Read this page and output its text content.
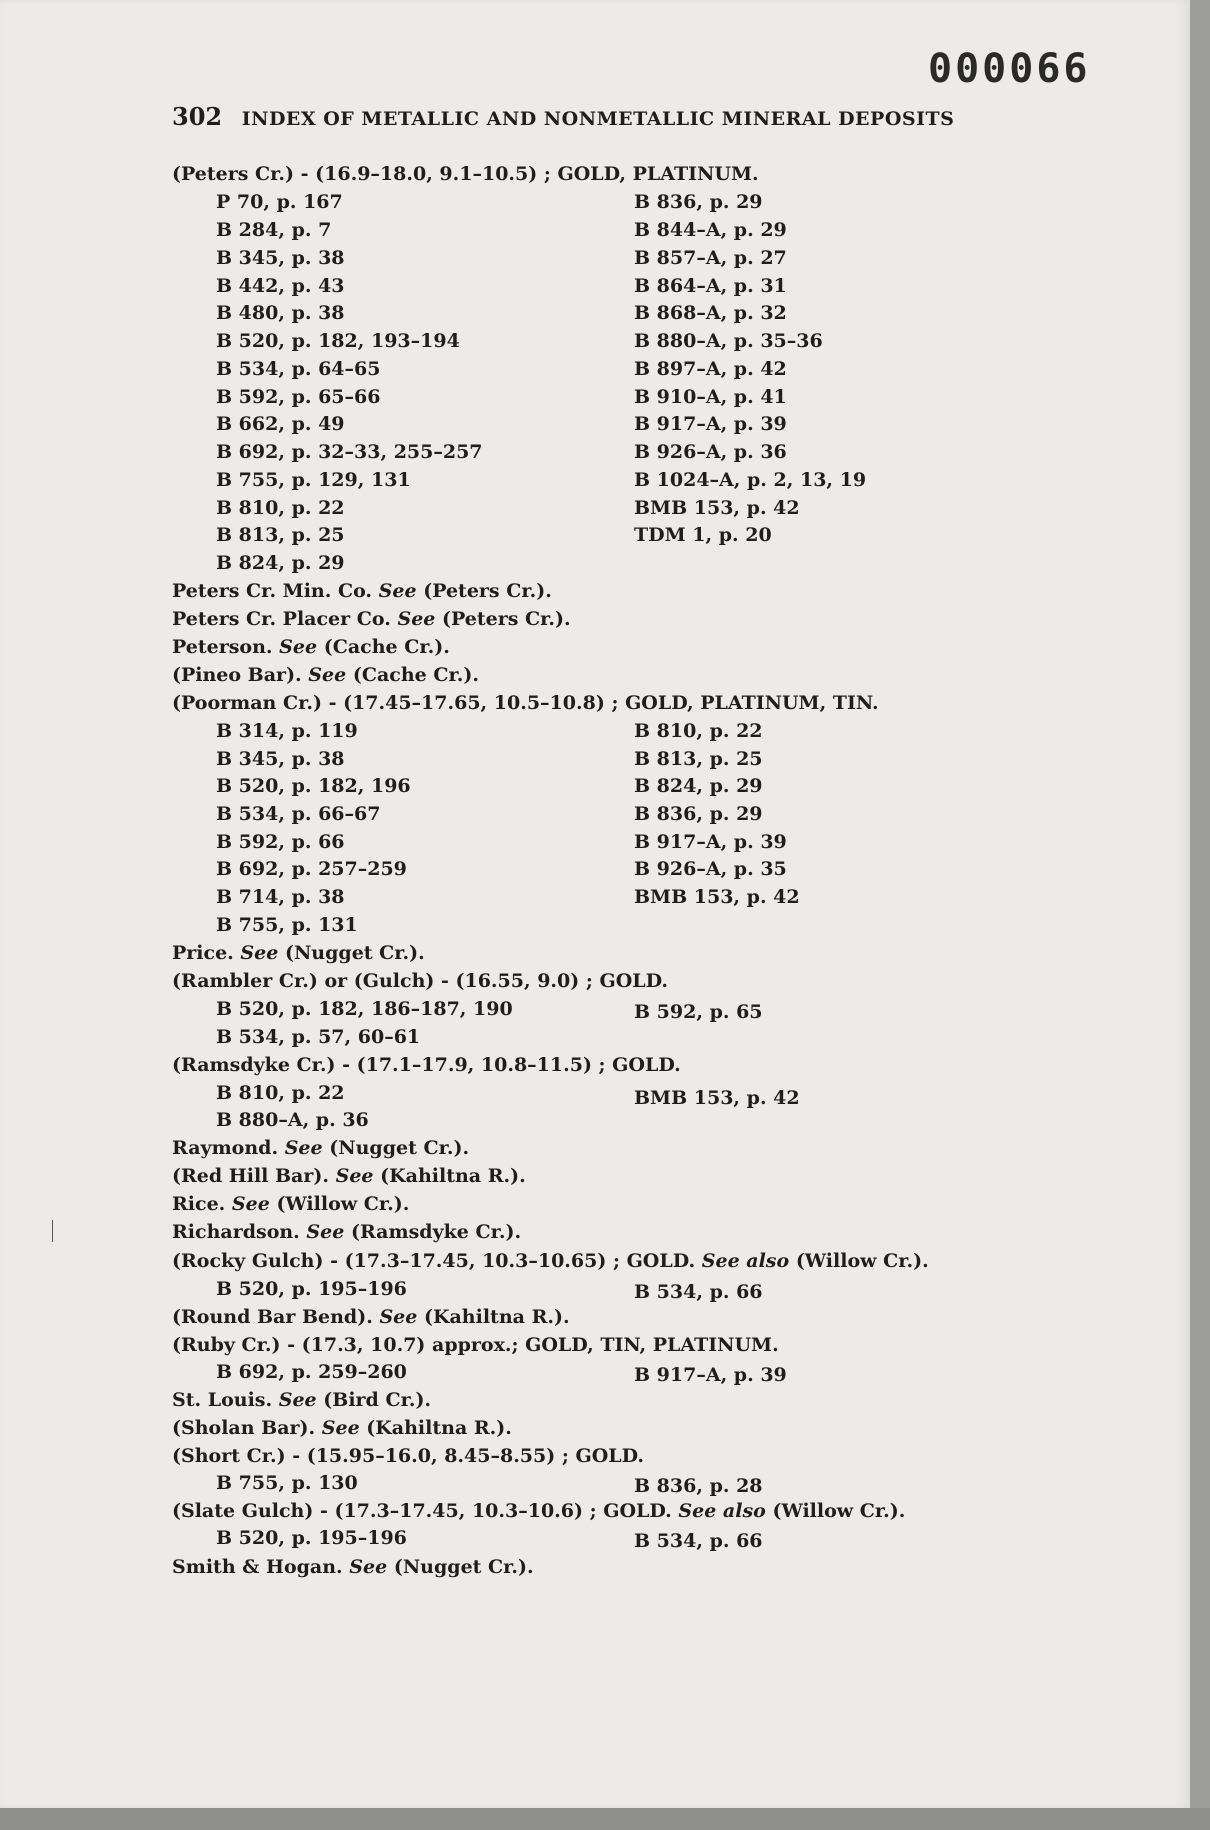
000066
302 INDEX OF METALLIC AND NONMETALLIC MINERAL DEPOSITS
(Peters Cr.) - (16.9–18.0, 9.1–10.5) ; GOLD, PLATINUM.
P 70, p. 167
B 284, p. 7
B 345, p. 38
B 442, p. 43
B 480, p. 38
B 520, p. 182, 193–194
B 534, p. 64–65
B 592, p. 65–66
B 662, p. 49
B 692, p. 32–33, 255–257
B 755, p. 129, 131
B 810, p. 22
B 813, p. 25
B 824, p. 29
B 836, p. 29
B 844–A, p. 29
B 857–A, p. 27
B 864–A, p. 31
B 868–A, p. 32
B 880–A, p. 35–36
B 897–A, p. 42
B 910–A, p. 41
B 917–A, p. 39
B 926–A, p. 36
B 1024–A, p. 2, 13, 19
BMB 153, p. 42
TDM 1, p. 20
Peters Cr. Min. Co. See (Peters Cr.).
Peters Cr. Placer Co. See (Peters Cr.).
Peterson. See (Cache Cr.).
(Pineo Bar). See (Cache Cr.).
(Poorman Cr.) - (17.45–17.65, 10.5–10.8) ; GOLD, PLATINUM, TIN.
B 314, p. 119
B 345, p. 38
B 520, p. 182, 196
B 534, p. 66–67
B 592, p. 66
B 692, p. 257–259
B 714, p. 38
B 755, p. 131
B 810, p. 22
B 813, p. 25
B 824, p. 29
B 836, p. 29
B 917–A, p. 39
B 926–A, p. 35
BMB 153, p. 42
Price. See (Nugget Cr.).
(Rambler Cr.) or (Gulch) - (16.55, 9.0) ; GOLD.
B 520, p. 182, 186–187, 190
B 534, p. 57, 60–61
B 592, p. 65
(Ramsdyke Cr.) - (17.1–17.9, 10.8–11.5) ; GOLD.
B 810, p. 22
B 880–A, p. 36
BMB 153, p. 42
Raymond. See (Nugget Cr.).
(Red Hill Bar). See (Kahiltna R.).
Rice. See (Willow Cr.).
Richardson. See (Ramsdyke Cr.).
(Rocky Gulch) - (17.3–17.45, 10.3–10.65) ; GOLD. See also (Willow Cr.).
B 520, p. 195–196	B 534, p. 66
(Round Bar Bend). See (Kahiltna R.).
(Ruby Cr.) - (17.3, 10.7) approx.; GOLD, TIN, PLATINUM.
B 692, p. 259–260	B 917–A, p. 39
St. Louis. See (Bird Cr.).
(Sholan Bar). See (Kahiltna R.).
(Short Cr.) - (15.95–16.0, 8.45–8.55) ; GOLD.
B 755, p. 130	B 836, p. 28
(Slate Gulch) - (17.3–17.45, 10.3–10.6) ; GOLD. See also (Willow Cr.).
B 520, p. 195–196	B 534, p. 66
Smith & Hogan. See (Nugget Cr.).
